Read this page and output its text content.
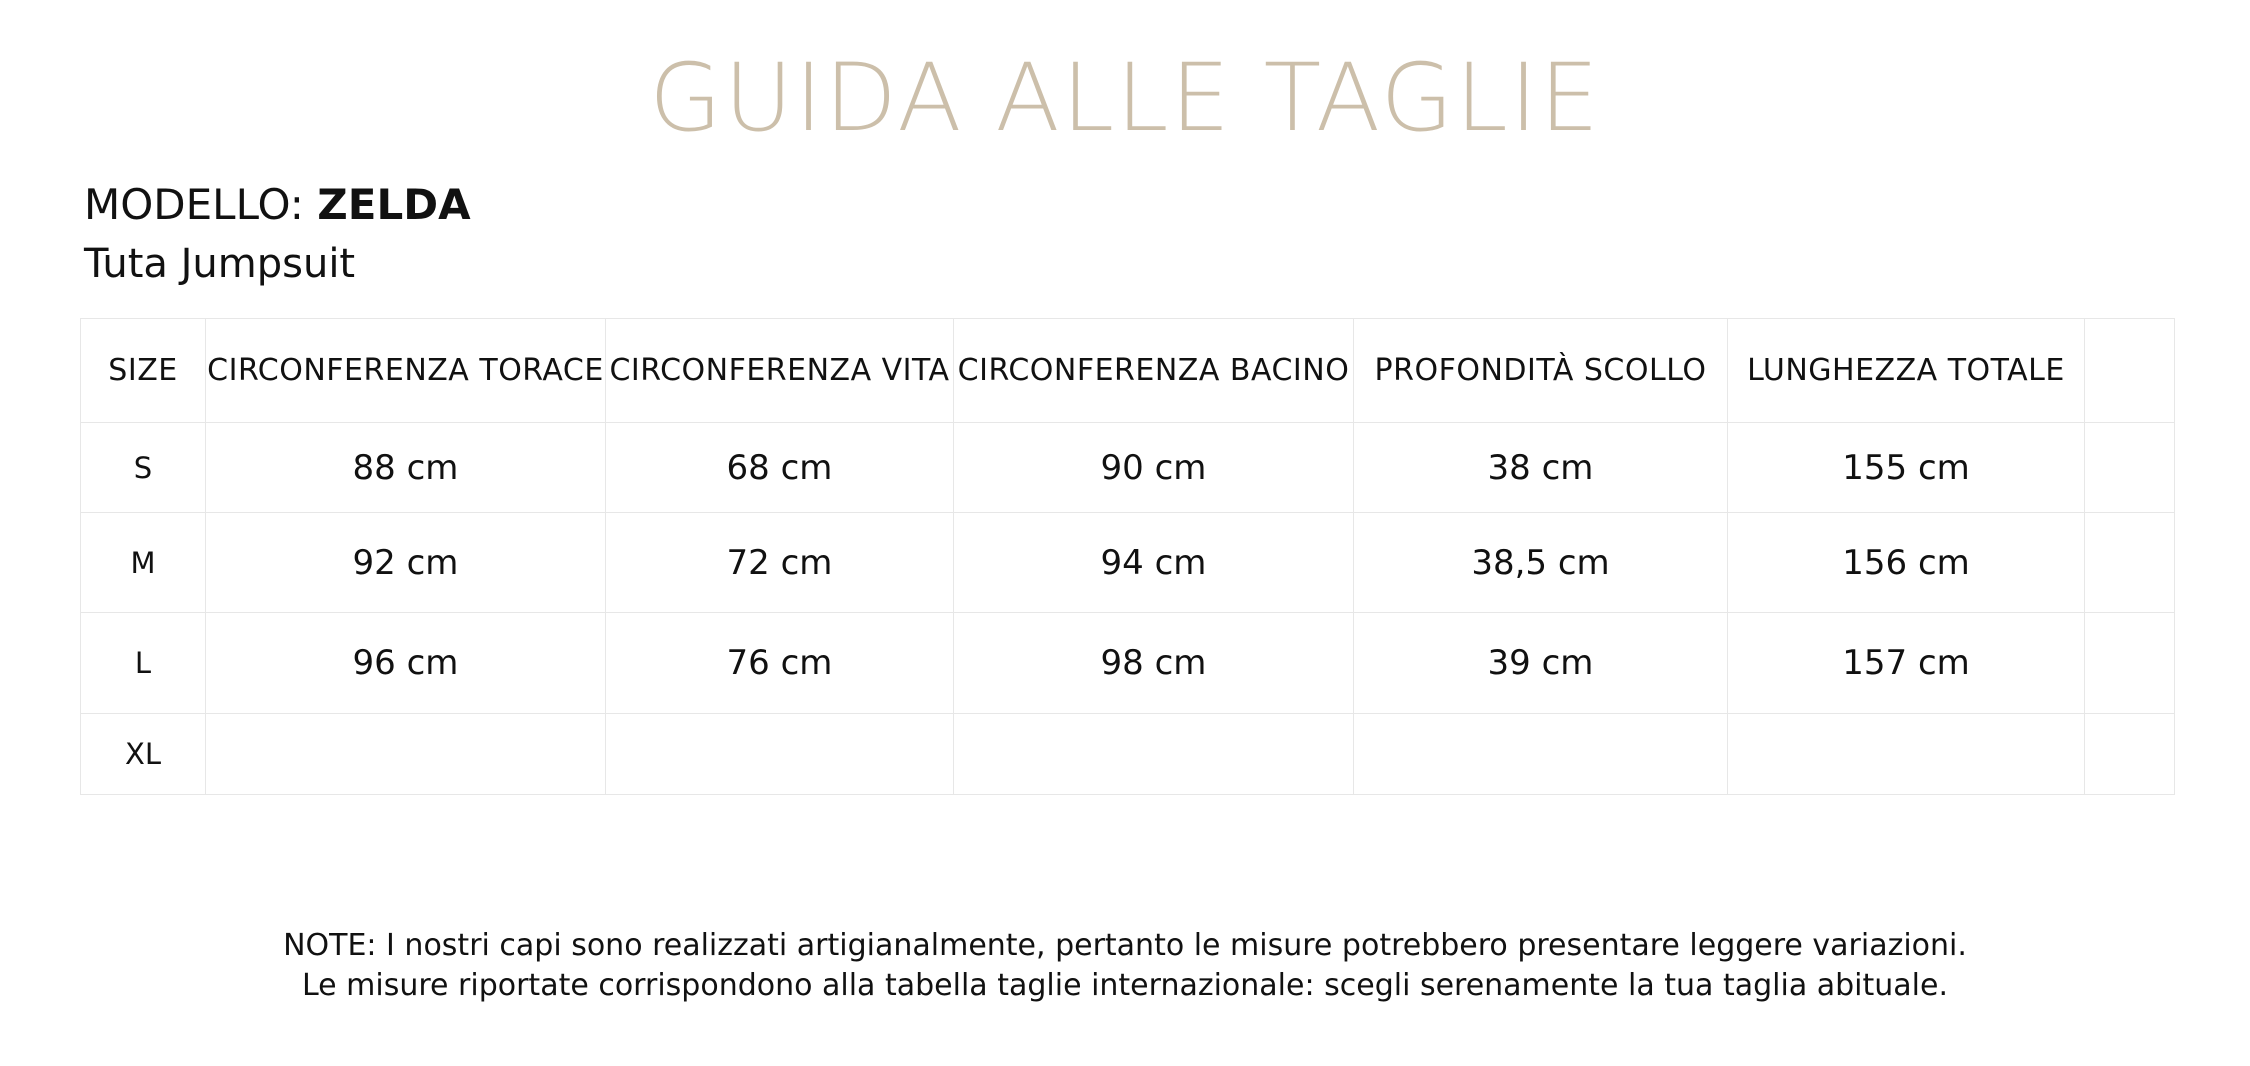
GUIDA ALLE TAGLIE
MODELLO: ZELDA
Tuta Jumpsuit
SIZE	CIRCONFERENZA TORACE	CIRCONFERENZA VITA	CIRCONFERENZA BACINO	PROFONDITÀ SCOLLO	LUNGHEZZA TOTALE	
S	88 cm	68 cm	90 cm	38 cm	155 cm	
M	92 cm	72 cm	94 cm	38,5 cm	156 cm	
L	96 cm	76 cm	98 cm	39 cm	157 cm	
XL						
NOTE: I nostri capi sono realizzati artigianalmente, pertanto le misure potrebbero presentare leggere variazioni.
Le misure riportate corrispondono alla tabella taglie internazionale: scegli serenamente la tua taglia abituale.
